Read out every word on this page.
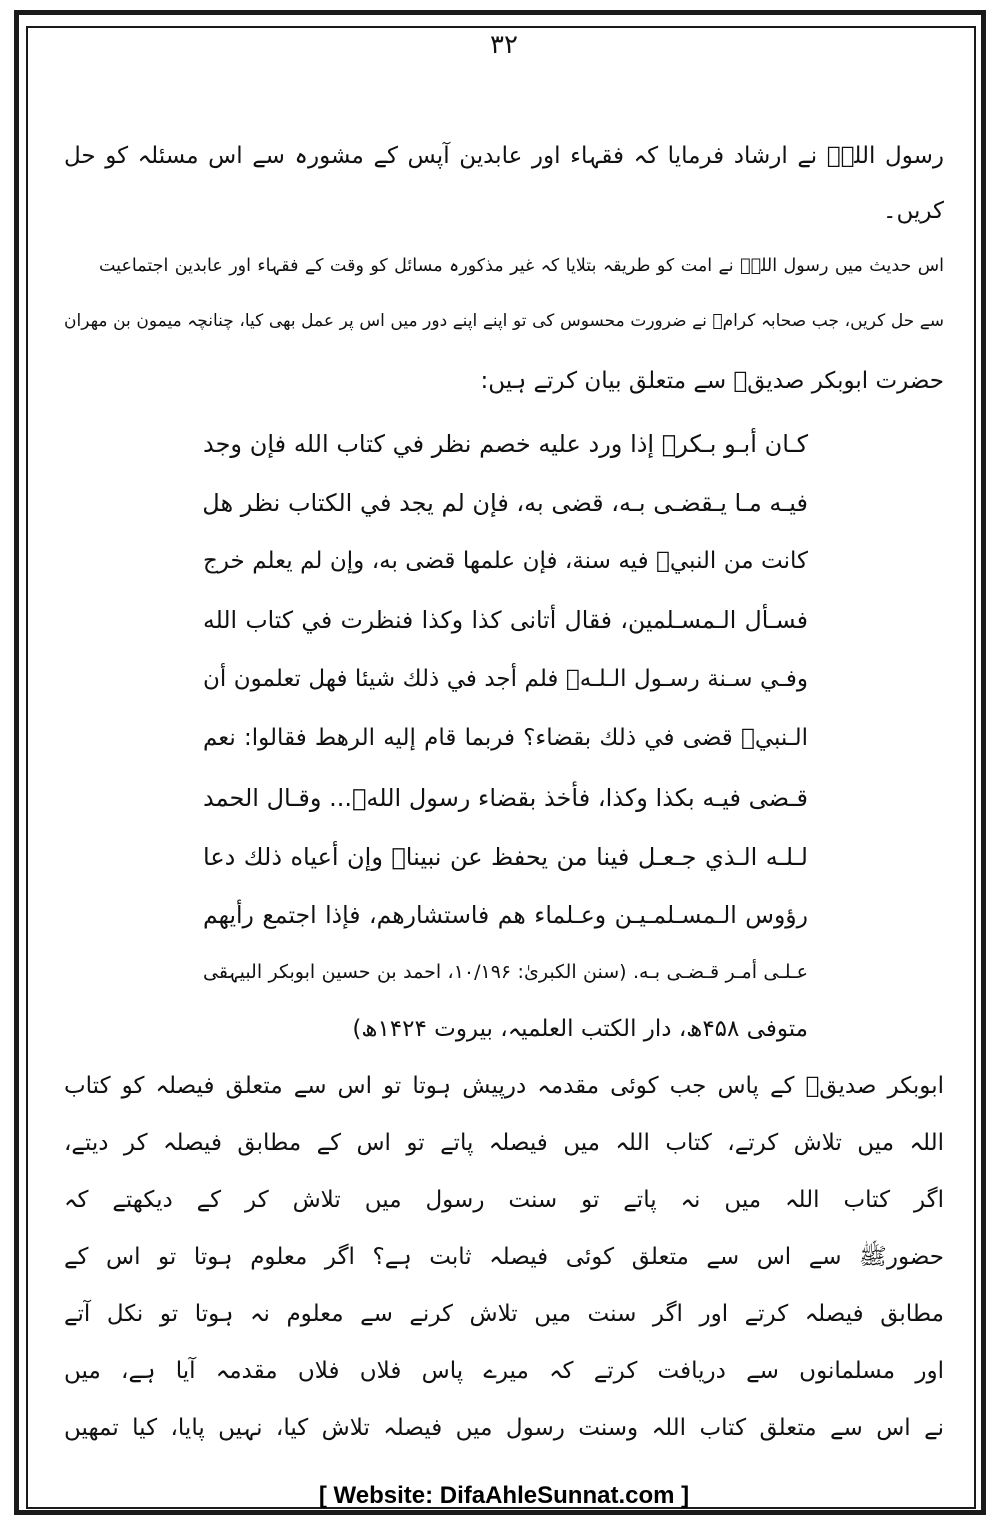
۳۲
رسول اللہؐ نے ارشاد فرمایا کہ فقہاء اور عابدین آپس کے مشورہ سے اس مسئلہ کو حل
کریں۔
اس حدیث میں رسول اللہؐ نے امت کو طریقہ بتلایا کہ غیر مذکورہ مسائل کو وقت کے فقہاء اور عابدین اجتماعیت
سے حل کریں، جب صحابہ کرامؓ نے ضرورت محسوس کی تو اپنے اپنے دور میں اس پر عمل بھی کیا، چنانچہ میمون بن مھران
حضرت ابوبکر صدیقؓ سے متعلق بیان کرتے ہیں:
كـان أبـو بـكرؓ إذا ورد عليه خصم نظر في كتاب الله فإن وجد
فيـه مـا يـقضـى بـه، قضى به، فإن لم يجد في الكتاب نظر هل
كانت من النبيؐ فيه سنة، فإن علمها قضى به، وإن لم يعلم خرج
فسـأل الـمسـلمين، فقال أتانى كذا وكذا فنظرت في كتاب الله
وفـي سـنة رسـول الـلـهؐ فلم أجد في ذلك شيئا فهل تعلمون أن
الـنبيؐ قضى في ذلك بقضاء؟ فربما قام إليه الرهط فقالوا: نعم
قـضى فيـه بكذا وكذا، فأخذ بقضاء رسول اللهؐ... وقـال الحمد
لـلـه الـذي جـعـل فينا من يحفظ عن نبيناؐ وإن أعياه ذلك دعا
رؤوس الـمسـلمـيـن وعـلماء هم فاستشارهم، فإذا اجتمع رأيهم
عـلـى أمـر قـضـى بـه. (سنن الکبریٰ: ۱۰/۱۹۶، احمد بن حسین ابوبکر البیہقی
متوفی ۴۵۸ھ، دار الکتب العلمیہ، بیروت ۱۴۲۴ھ)
ابوبکر صدیقؓ کے پاس جب کوئی مقدمہ درپیش ہوتا تو اس سے متعلق فیصلہ کو کتاب
اللہ میں تلاش کرتے، کتاب اللہ میں فیصلہ پاتے تو اس کے مطابق فیصلہ کر دیتے،
اگر کتاب اللہ میں نہ پاتے تو سنت رسول میں تلاش کر کے دیکھتے کہ
حضورﷺ سے اس سے متعلق کوئی فیصلہ ثابت ہے؟ اگر معلوم ہوتا تو اس کے
مطابق فیصلہ کرتے اور اگر سنت میں تلاش کرنے سے معلوم نہ ہوتا تو نکل آتے
اور مسلمانوں سے دریافت کرتے کہ میرے پاس فلاں فلاں مقدمہ آیا ہے، میں
نے اس سے متعلق کتاب اللہ وسنت رسول میں فیصلہ تلاش کیا، نہیں پایا، کیا تمھیں
[ Website: DifaAhleSunnat.com ]
